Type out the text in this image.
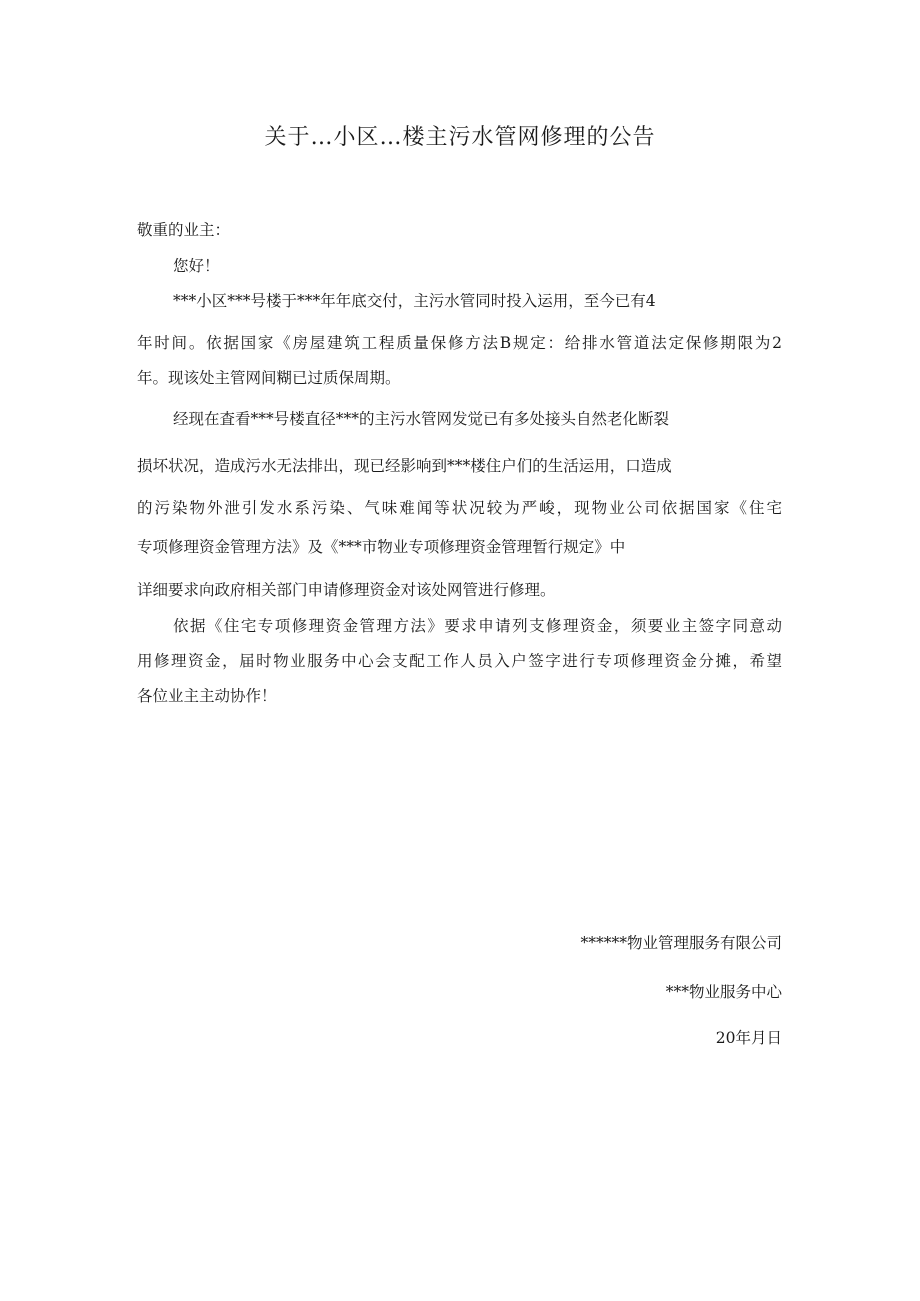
关于…小区…楼主污水管网修理的公告
敬重的业主：
您好！
***小区***号楼于***年年底交付，主污水管同时投入运用，至今已有4
年时间。依据国家《房屋建筑工程质量保修方法B规定：给排水管道法定保修期限为2
年。现该处主管网间糊已过质保周期。
经现在査看***号楼直径***的主污水管网发觉已有多处接头自然老化断裂
损坏状况，造成污水无法排出，现已经影响到***楼住户们的生活运用，口造成
的污染物外泄引发水系污染、气味难闻等状况较为严峻，现物业公司依据国家《住宅
专项修理资金管理方法》及《***市物业专项修理资金管理暂行规定》中
详细要求向政府相关部门申请修理资金对该处网管进行修理。
依据《住宅专项修理资金管理方法》要求申请列支修理资金，须要业主签字同意动
用修理资金，届时物业服务中心会支配工作人员入户签字进行专项修理资金分摊，希望
各位业主主动协作！
******物业管理服务有限公司
***物业服务中心
20年月日
